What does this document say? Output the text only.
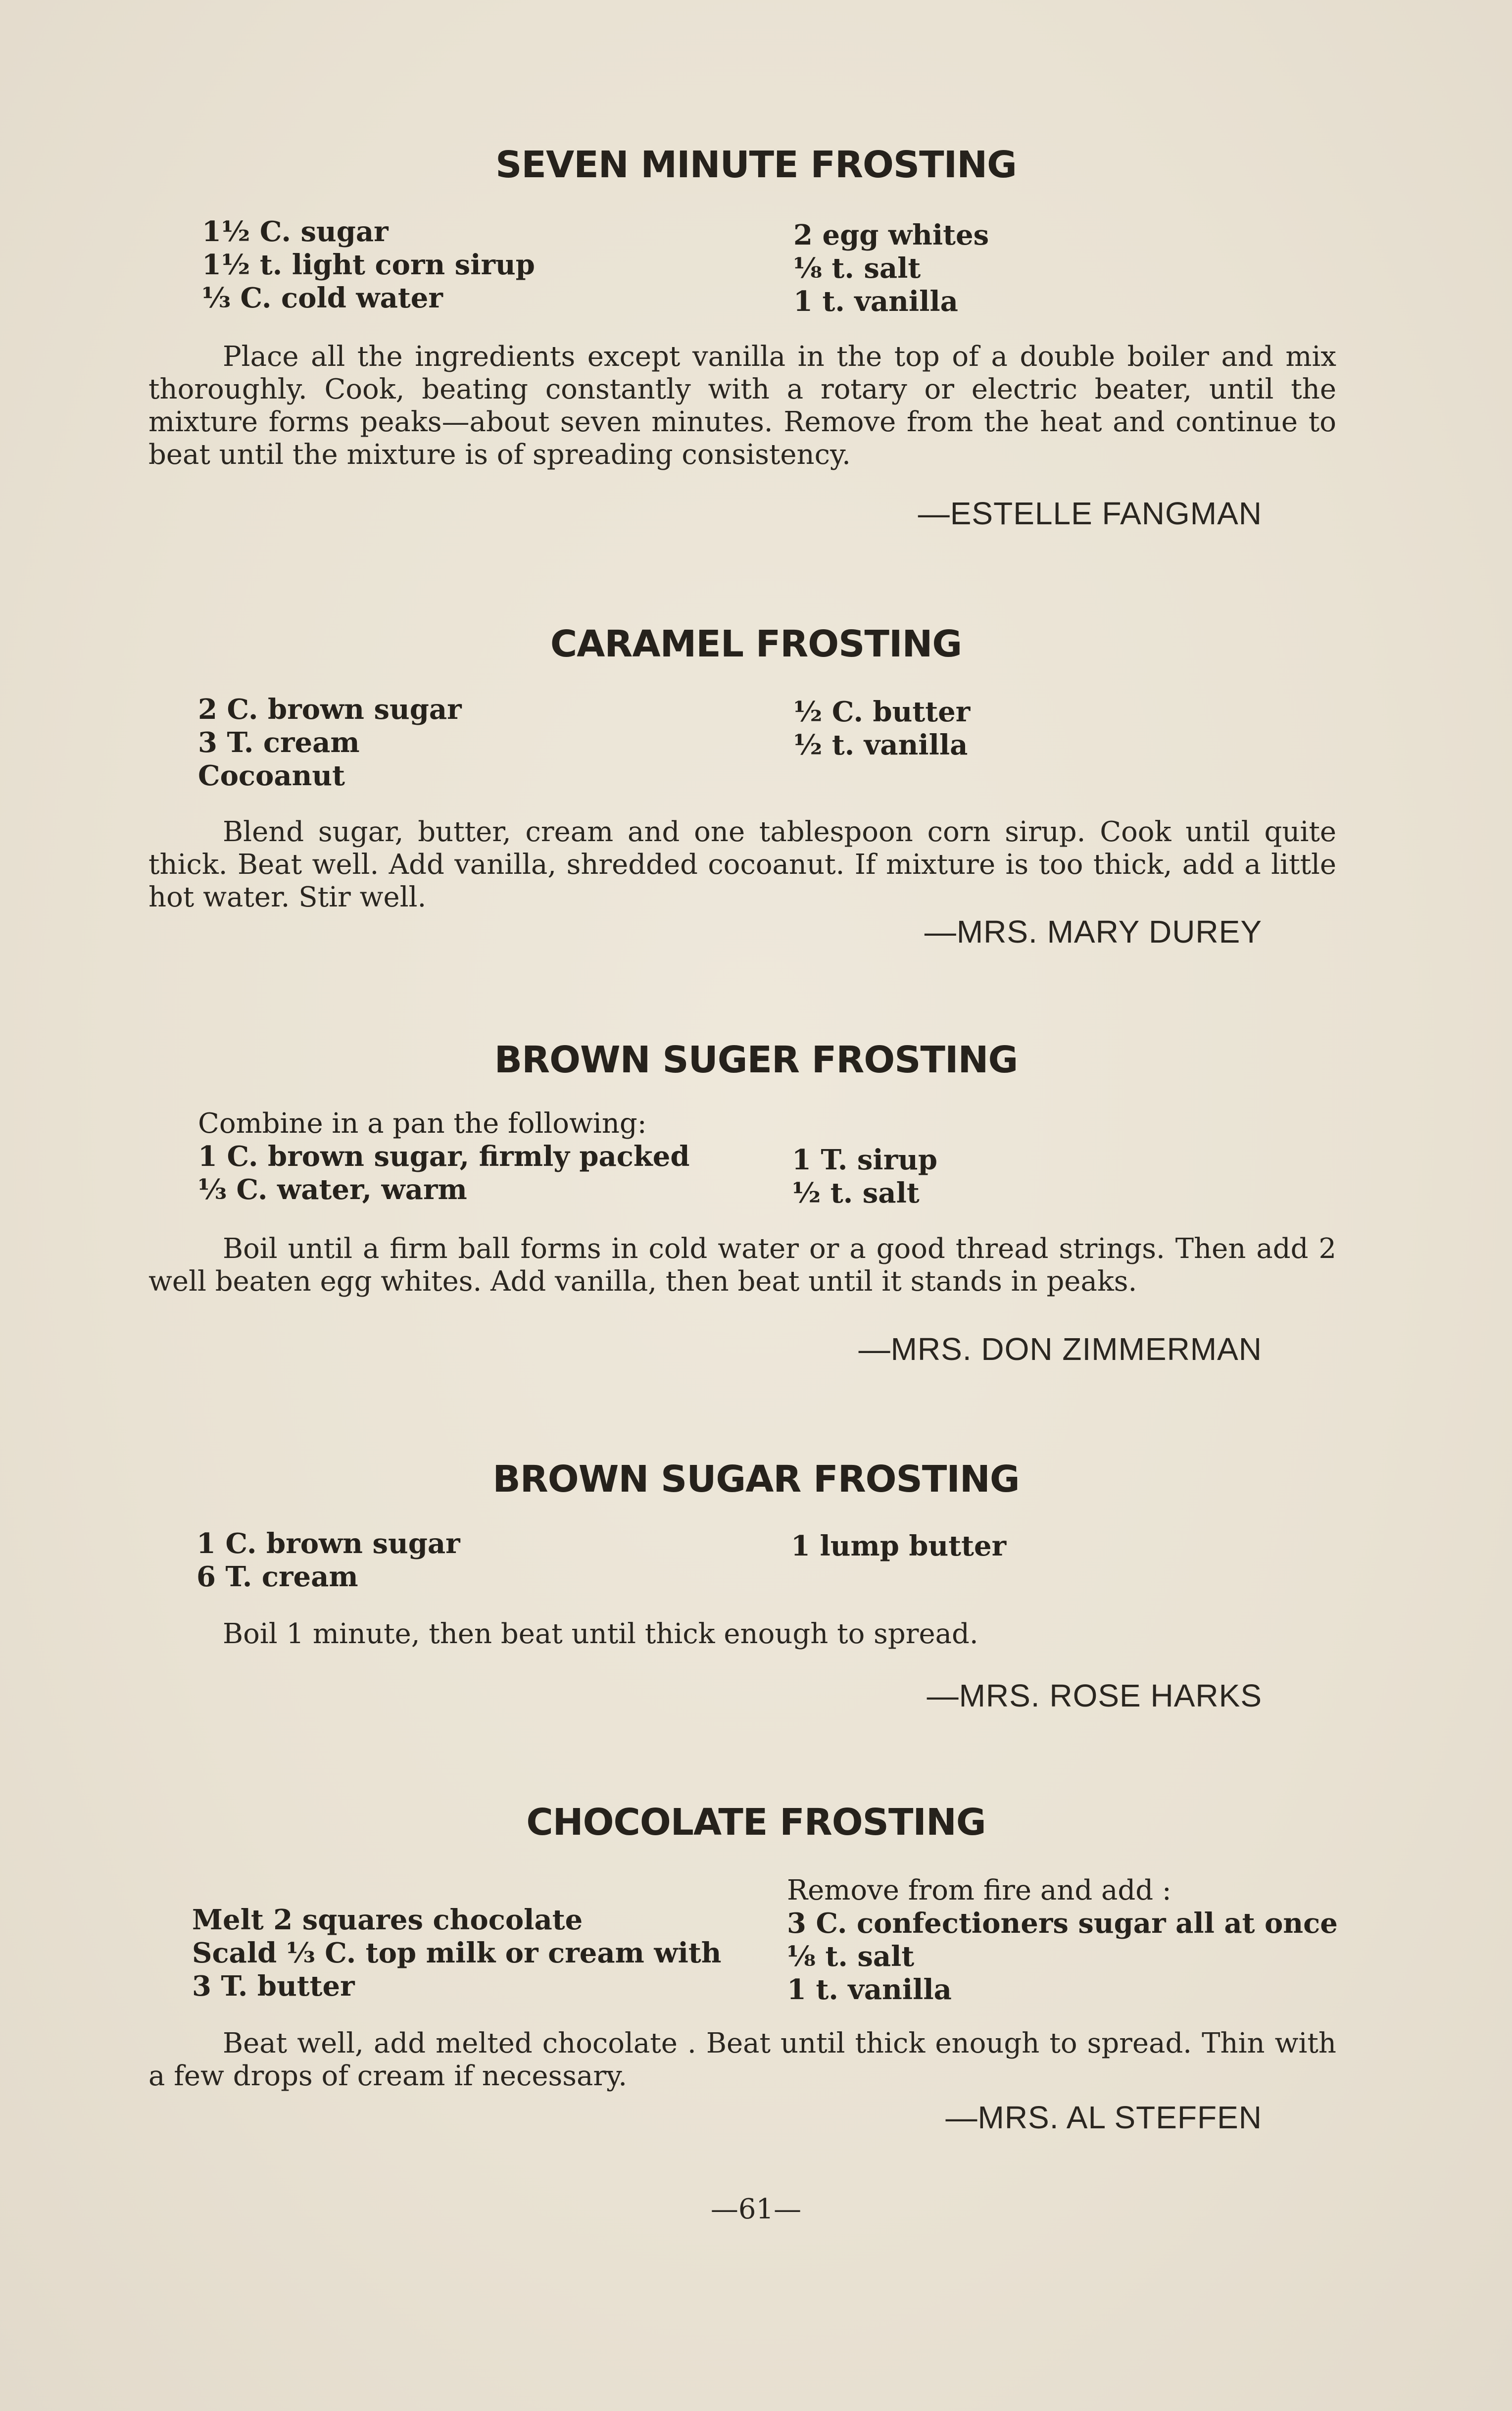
SEVEN MINUTE FROSTING
1½ C. sugar
1½ t. light corn sirup
⅓ C. cold water
2 egg whites
⅛ t. salt
1 t. vanilla
Place all the ingredients except vanilla in the top of a double boiler and mix thoroughly. Cook, beating constantly with a rotary or electric beater, until the mixture forms peaks—about seven minutes. Remove from the heat and continue to beat until the mixture is of spreading consistency.
—ESTELLE FANGMAN
CARAMEL FROSTING
2 C. brown sugar
3 T. cream
Cocoanut
½ C. butter
½ t. vanilla
Blend sugar, butter, cream and one tablespoon corn sirup. Cook until quite thick. Beat well. Add vanilla, shredded cocoanut. If mixture is too thick, add a little hot water. Stir well.
—MRS. MARY DUREY
BROWN SUGER FROSTING
Combine in a pan the following:
1 C. brown sugar, firmly packed
⅓ C. water, warm
1 T. sirup
½ t. salt
Boil until a firm ball forms in cold water or a good thread strings. Then add 2 well beaten egg whites. Add vanilla, then beat until it stands in peaks.
—MRS. DON ZIMMERMAN
BROWN SUGAR FROSTING
1 C. brown sugar
6 T. cream
1 lump butter
Boil 1 minute, then beat until thick enough to spread.
—MRS. ROSE HARKS
CHOCOLATE FROSTING
Melt 2 squares chocolate
Scald ⅓ C. top milk or cream with
3 T. butter
Remove from fire and add :
3 C. confectioners sugar all at once
⅛ t. salt
1 t. vanilla
Beat well, add melted chocolate . Beat until thick enough to spread. Thin with a few drops of cream if necessary.
—MRS. AL STEFFEN
—61—
